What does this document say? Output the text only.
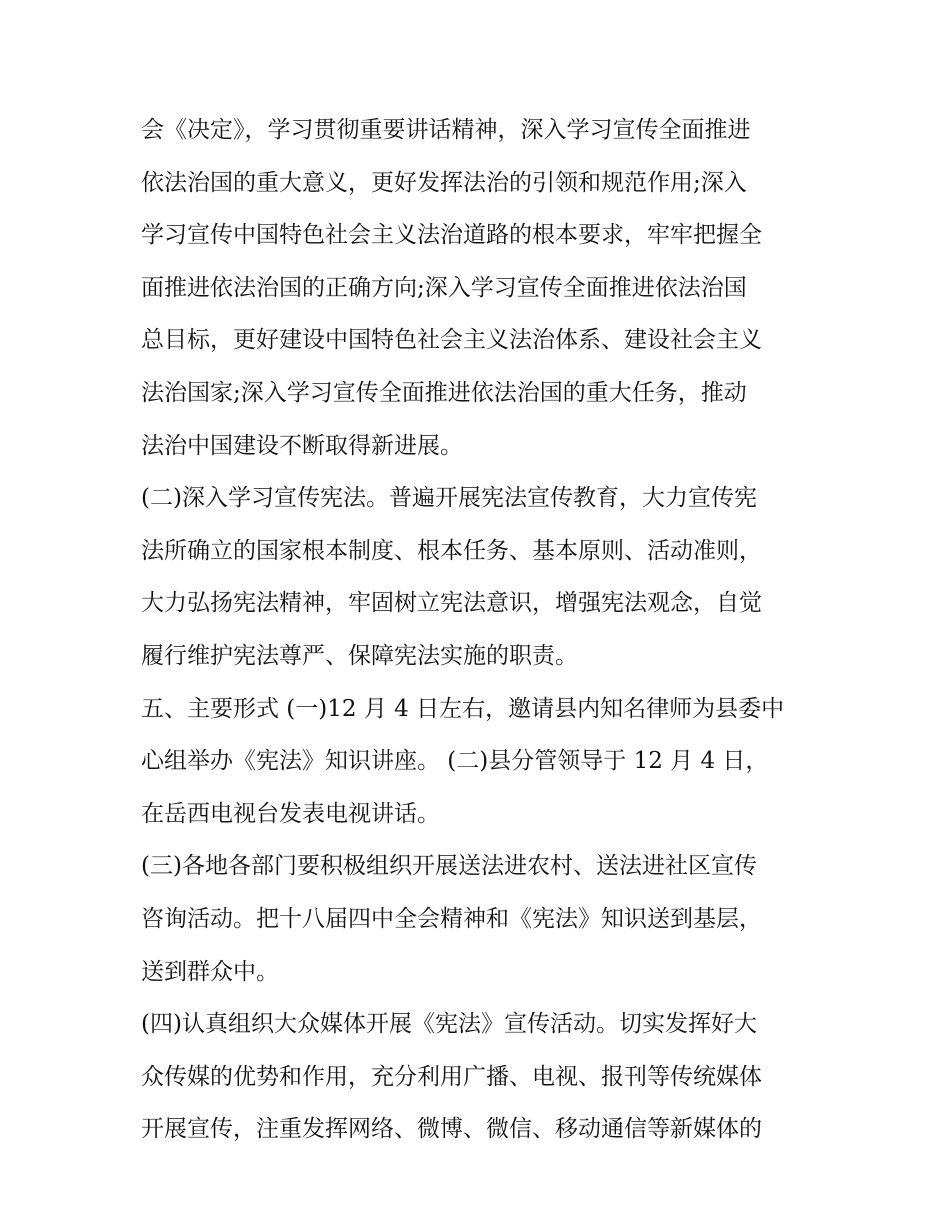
会《决定》，学习贯彻重要讲话精神，深入学习宣传全面推进
依法治国的重大意义，更好发挥法治的引领和规范作用;深入
学习宣传中国特色社会主义法治道路的根本要求，牢牢把握全
面推进依法治国的正确方向;深入学习宣传全面推进依法治国
总目标，更好建设中国特色社会主义法治体系、建设社会主义
法治国家;深入学习宣传全面推进依法治国的重大任务，推动
法治中国建设不断取得新进展。
(二)深入学习宣传宪法。普遍开展宪法宣传教育，大力宣传宪
法所确立的国家根本制度、根本任务、基本原则、活动准则，
大力弘扬宪法精神，牢固树立宪法意识，增强宪法观念，自觉
履行维护宪法尊严、保障宪法实施的职责。
五、主要形式 (一)12 月 4 日左右，邀请县内知名律师为县委中
心组举办《宪法》知识讲座。 (二)县分管领导于 12 月 4 日，
在岳西电视台发表电视讲话。
(三)各地各部门要积极组织开展送法进农村、送法进社区宣传
咨询活动。把十八届四中全会精神和《宪法》知识送到基层，
送到群众中。
(四)认真组织大众媒体开展《宪法》宣传活动。切实发挥好大
众传媒的优势和作用，充分利用广播、电视、报刊等传统媒体
开展宣传，注重发挥网络、微博、微信、移动通信等新媒体的
